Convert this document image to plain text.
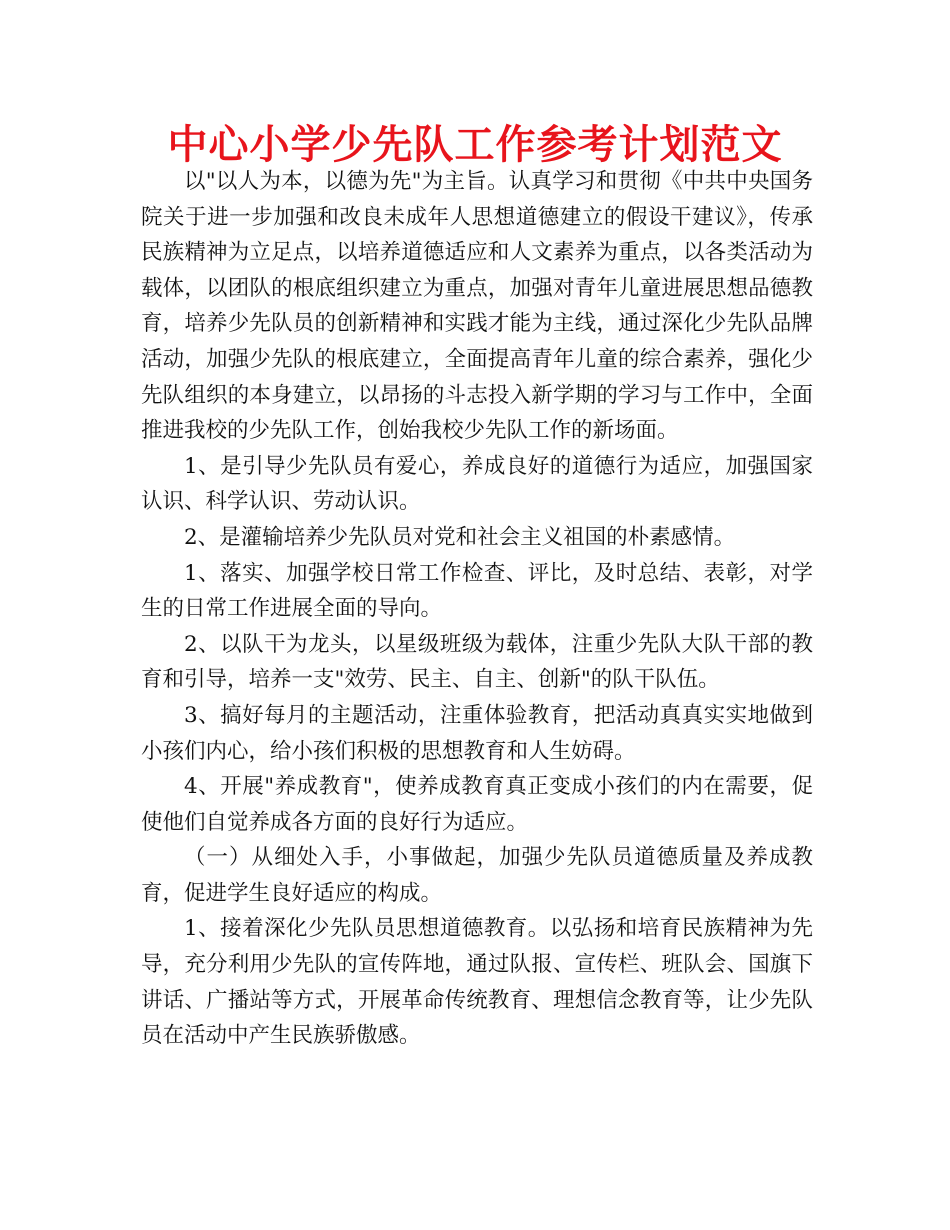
中心小学少先队工作参考计划范文

以"以人为本，以德为先"为主旨。认真学习和贯彻《中共中央国务院关于进一步加强和改良未成年人思想道德建立的假设干建议》，传承民族精神为立足点，以培养道德适应和人文素养为重点，以各类活动为载体，以团队的根底组织建立为重点，加强对青年儿童进展思想品德教育，培养少先队员的创新精神和实践才能为主线，通过深化少先队品牌活动，加强少先队的根底建立，全面提高青年儿童的综合素养，强化少先队组织的本身建立，以昂扬的斗志投入新学期的学习与工作中，全面推进我校的少先队工作，创始我校少先队工作的新场面。

1、是引导少先队员有爱心，养成良好的道德行为适应，加强国家认识、科学认识、劳动认识。

2、是灌输培养少先队员对党和社会主义祖国的朴素感情。

1、落实、加强学校日常工作检查、评比，及时总结、表彰，对学生的日常工作进展全面的导向。

2、以队干为龙头，以星级班级为载体，注重少先队大队干部的教育和引导，培养一支"效劳、民主、自主、创新"的队干队伍。

3、搞好每月的主题活动，注重体验教育，把活动真真实实地做到小孩们内心，给小孩们积极的思想教育和人生妨碍。

4、开展"养成教育"，使养成教育真正变成小孩们的内在需要，促使他们自觉养成各方面的良好行为适应。

（一）从细处入手，小事做起，加强少先队员道德质量及养成教育，促进学生良好适应的构成。

1、接着深化少先队员思想道德教育。以弘扬和培育民族精神为先导，充分利用少先队的宣传阵地，通过队报、宣传栏、班队会、国旗下讲话、广播站等方式，开展革命传统教育、理想信念教育等，让少先队员在活动中产生民族骄傲感。
